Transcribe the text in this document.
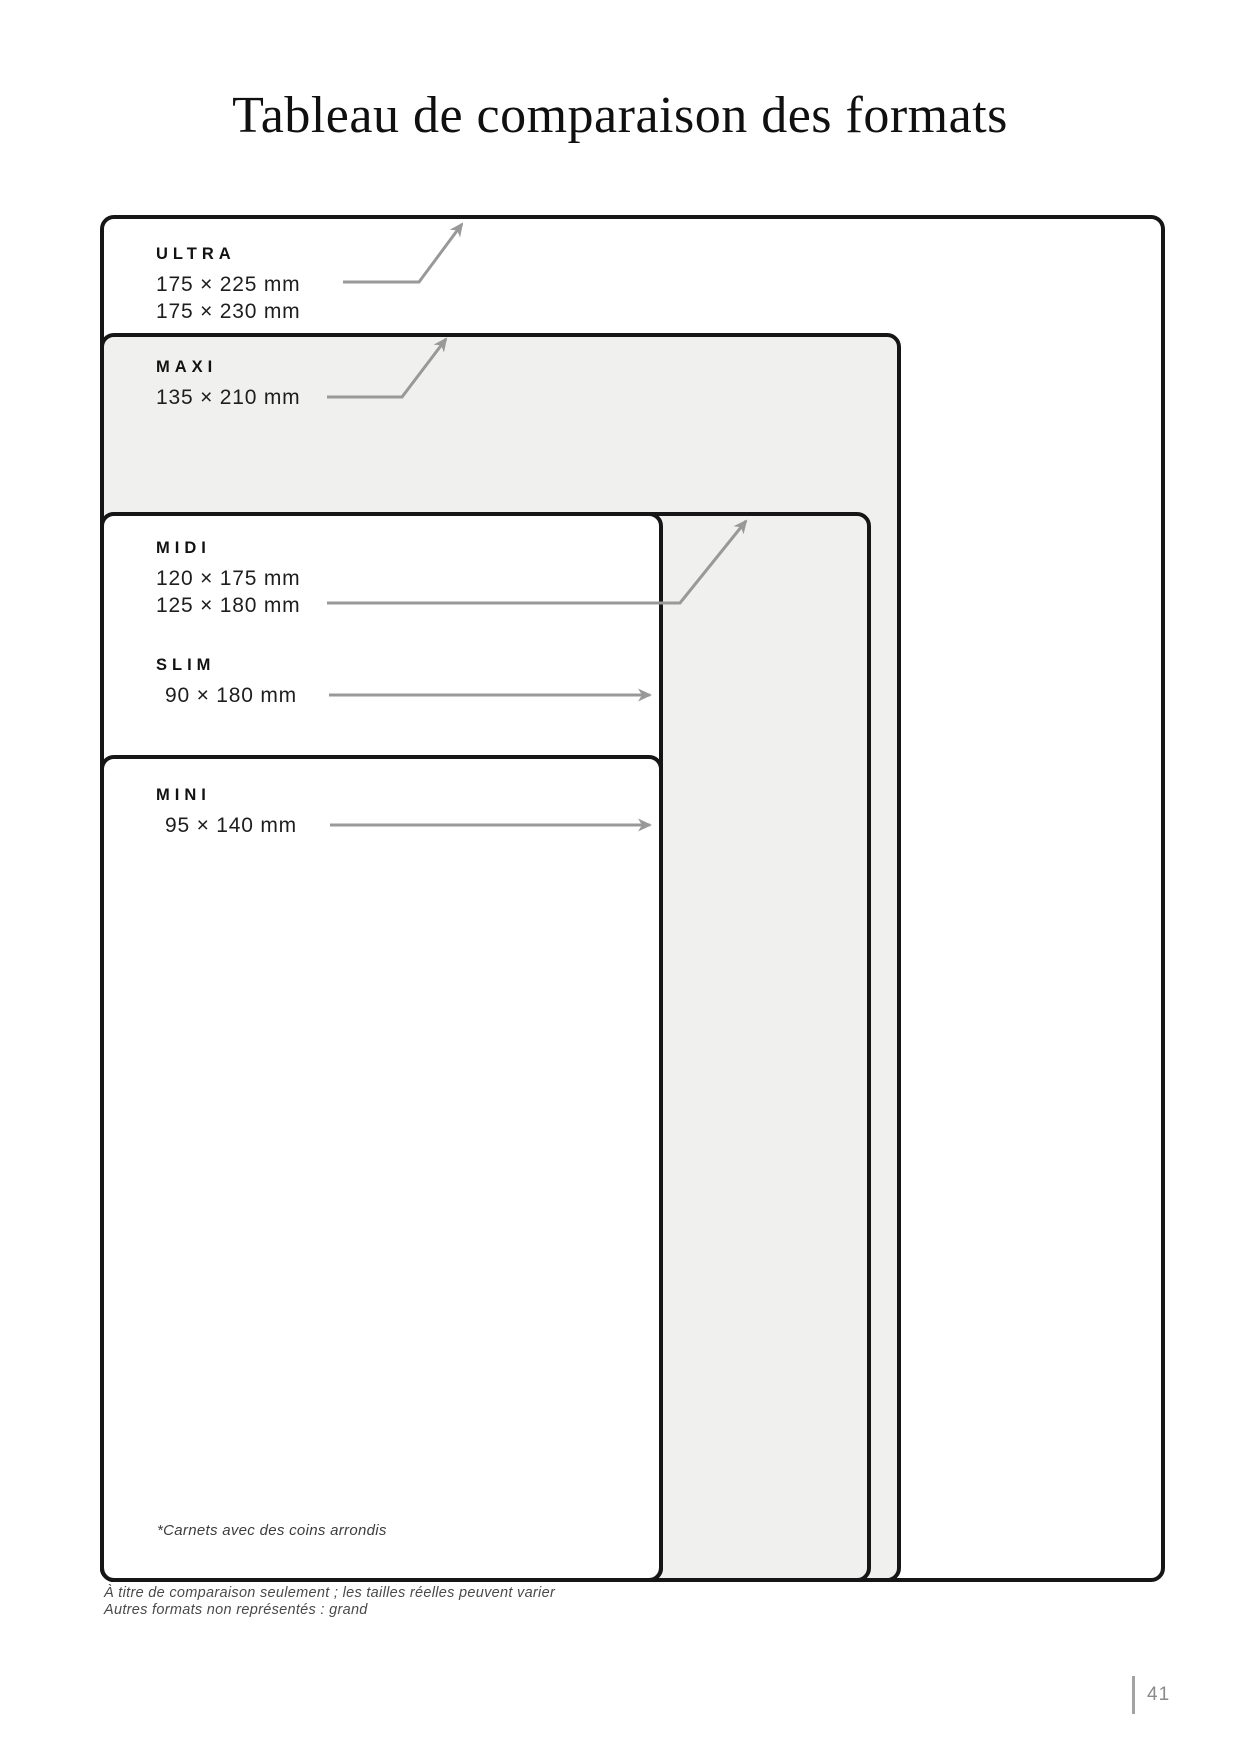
Tableau de comparaison des formats
ULTRA
175 × 225 mm
175 × 230 mm
MAXI
135 × 210 mm
MIDI
120 × 175 mm
125 × 180 mm
SLIM
90 × 180 mm
MINI
95 × 140 mm
*Carnets avec des coins arrondis
À titre de comparaison seulement ; les tailles réelles peuvent varier
Autres formats non représentés : grand
41
